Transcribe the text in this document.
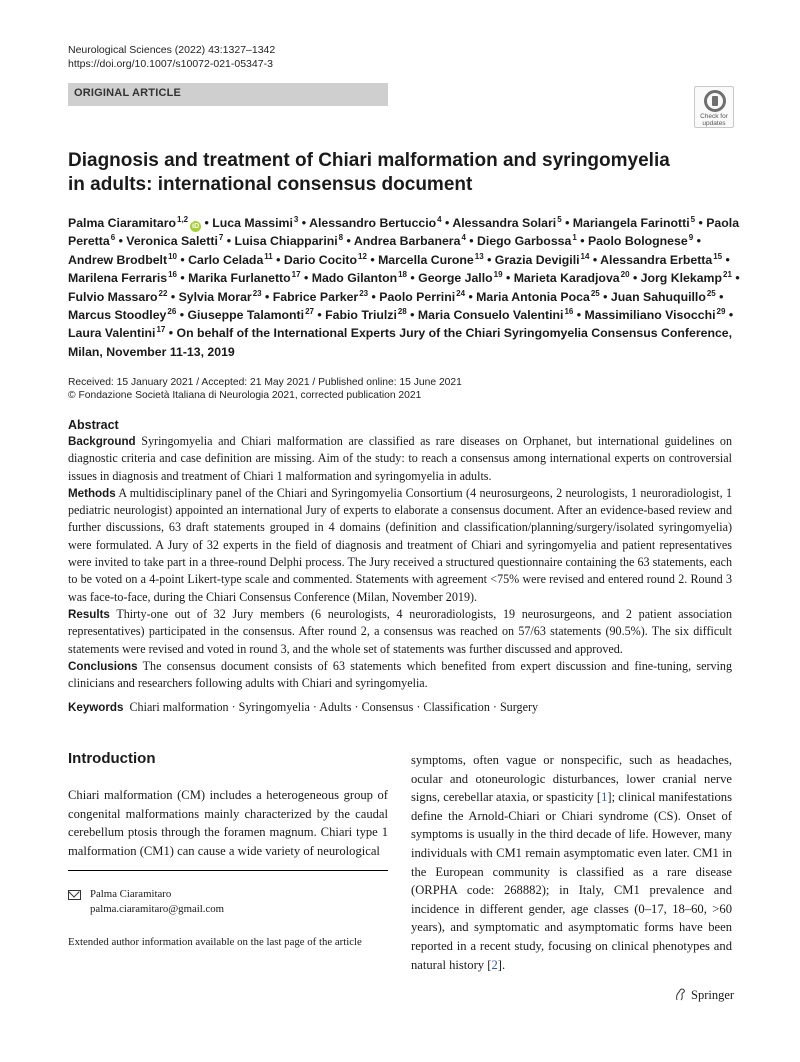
Neurological Sciences (2022) 43:1327–1342
https://doi.org/10.1007/s10072-021-05347-3
ORIGINAL ARTICLE
Check for
updates
Diagnosis and treatment of Chiari malformation and syringomyelia
in adults: international consensus document
Palma Ciaramitaro$^{1,2}$iD • Luca Massimi$^3$ • Alessandro Bertuccio$^4$ • Alessandra Solari$^5$ • Mariangela Farinotti$^5$ • Paola Peretta$^6$ • Veronica Saletti$^7$ • Luisa Chiapparini$^8$ • Andrea Barbanera$^4$ • Diego Garbossa$^1$ • Paolo Bolognese$^9$ • Andrew Brodbelt$^{10}$ • Carlo Celada$^{11}$ • Dario Cocito$^{12}$ • Marcella Curone$^{13}$ • Grazia Devigili$^{14}$ • Alessandra Erbetta$^{15}$ • Marilena Ferraris$^{16}$ • Marika Furlanetto$^{17}$ • Mado Gilanton$^{18}$ • George Jallo$^{19}$ • Marieta Karadjova$^{20}$ • Jorg Klekamp$^{21}$ • Fulvio Massaro$^{22}$ • Sylvia Morar$^{23}$ • Fabrice Parker$^{23}$ • Paolo Perrini$^{24}$ • Maria Antonia Poca$^{25}$ • Juan Sahuquillo$^{25}$ • Marcus Stoodley$^{26}$ • Giuseppe Talamonti$^{27}$ • Fabio Triulzi$^{28}$ • Maria Consuelo Valentini$^{16}$ • Massimiliano Visocchi$^{29}$ • Laura Valentini$^{17}$ • On behalf of the International Experts Jury of the Chiari Syringomyelia Consensus Conference, Milan, November 11-13, 2019
Received: 15 January 2021 / Accepted: 21 May 2021 / Published online: 15 June 2021
© Fondazione Società Italiana di Neurologia 2021, corrected publication 2021
Abstract

Background Syringomyelia and Chiari malformation are classified as rare diseases on Orphanet, but international guidelines on diagnostic criteria and case definition are missing. Aim of the study: to reach a consensus among international experts on controversial issues in diagnosis and treatment of Chiari 1 malformation and syringomyelia in adults.

Methods A multidisciplinary panel of the Chiari and Syringomyelia Consortium (4 neurosurgeons, 2 neurologists, 1 neuroradiologist, 1 pediatric neurologist) appointed an international Jury of experts to elaborate a consensus document. After an evidence-based review and further discussions, 63 draft statements grouped in 4 domains (definition and classification/planning/surgery/isolated syringomyelia) were formulated. A Jury of 32 experts in the field of diagnosis and treatment of Chiari and syringomyelia and patient representatives were invited to take part in a three-round Delphi process. The Jury received a structured questionnaire containing the 63 statements, each to be voted on a 4-point Likert-type scale and commented. Statements with agreement <75% were revised and entered round 2. Round 3 was face-to-face, during the Chiari Consensus Conference (Milan, November 2019).

Results Thirty-one out of 32 Jury members (6 neurologists, 4 neuroradiologists, 19 neurosurgeons, and 2 patient association representatives) participated in the consensus. After round 2, a consensus was reached on 57/63 statements (90.5%). The six difficult statements were revised and voted in round 3, and the whole set of statements was further discussed and approved.

Conclusions The consensus document consists of 63 statements which benefited from expert discussion and fine-tuning, serving clinicians and researchers following adults with Chiari and syringomyelia.

Keywords Chiari malformation · Syringomyelia · Adults · Consensus · Classification · Surgery
Introduction

Chiari malformation (CM) includes a heterogeneous group of congenital malformations mainly characterized by the caudal cerebellum ptosis through the foramen magnum. Chiari type 1 malformation (CM1) can cause a wide variety of neurological

symptoms, often vague or nonspecific, such as headaches, ocular and otoneurologic disturbances, lower cranial nerve signs, cerebellar ataxia, or spasticity [1]; clinical manifestations define the Arnold-Chiari or Chiari syndrome (CS). Onset of symptoms is usually in the third decade of life. However, many individuals with CM1 remain asymptomatic even later. CM1 in the European community is classified as a rare disease (ORPHA code: 268882); in Italy, CM1 prevalence and incidence in different gender, age classes (0–17, 18–60, >60 years), and symptomatic and asymptomatic forms have been reported in a recent study, focusing on clinical phenotypes and natural history [2].

Palma Ciaramitaro
palma.ciaramitaro@gmail.com
Extended author information available on the last page of the article
Springer
